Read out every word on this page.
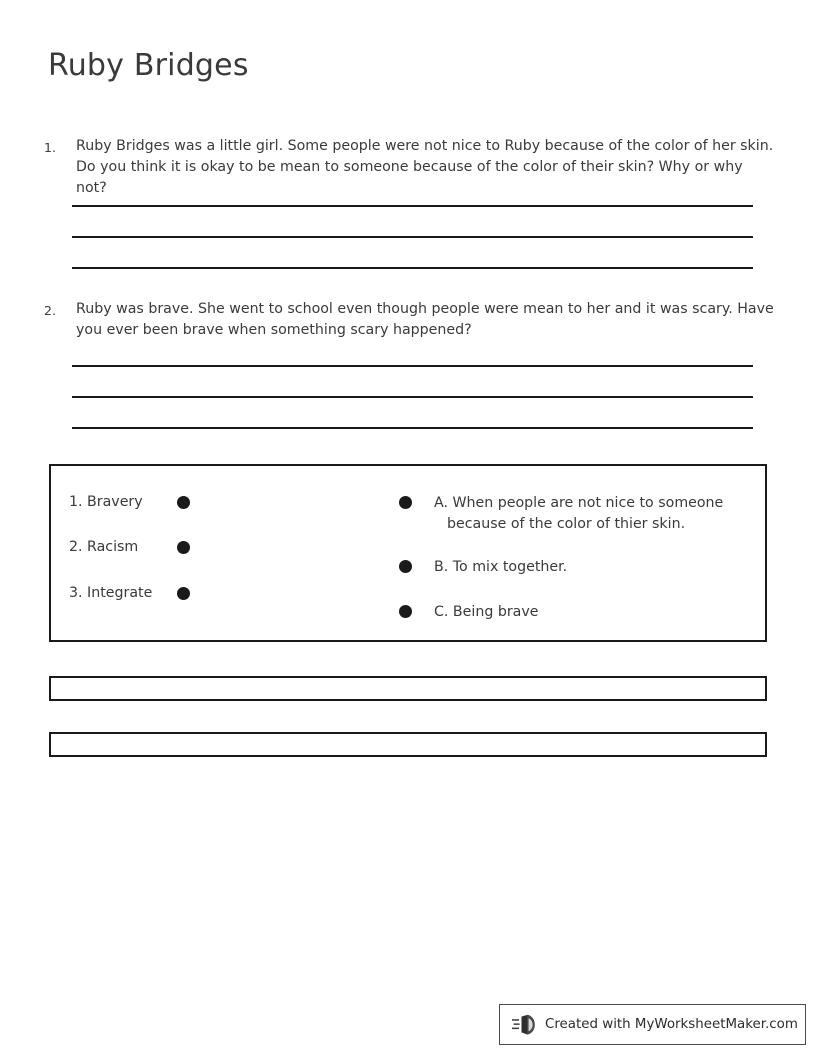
Ruby Bridges
1.	Ruby Bridges was a little girl. Some people were not nice to Ruby because of the color of her skin. Do you think it is okay to be mean to someone because of the color of their skin? Why or why not?
2.	Ruby was brave. She went to school even though people were mean to her and it was scary. Have you ever been brave when something scary happened?
1. Bravery
2. Racism
3. Integrate
A. When people are not nice to someone
because of the color of thier skin.
B. To mix together.
C. Being brave
Created with MyWorksheetMaker.com
